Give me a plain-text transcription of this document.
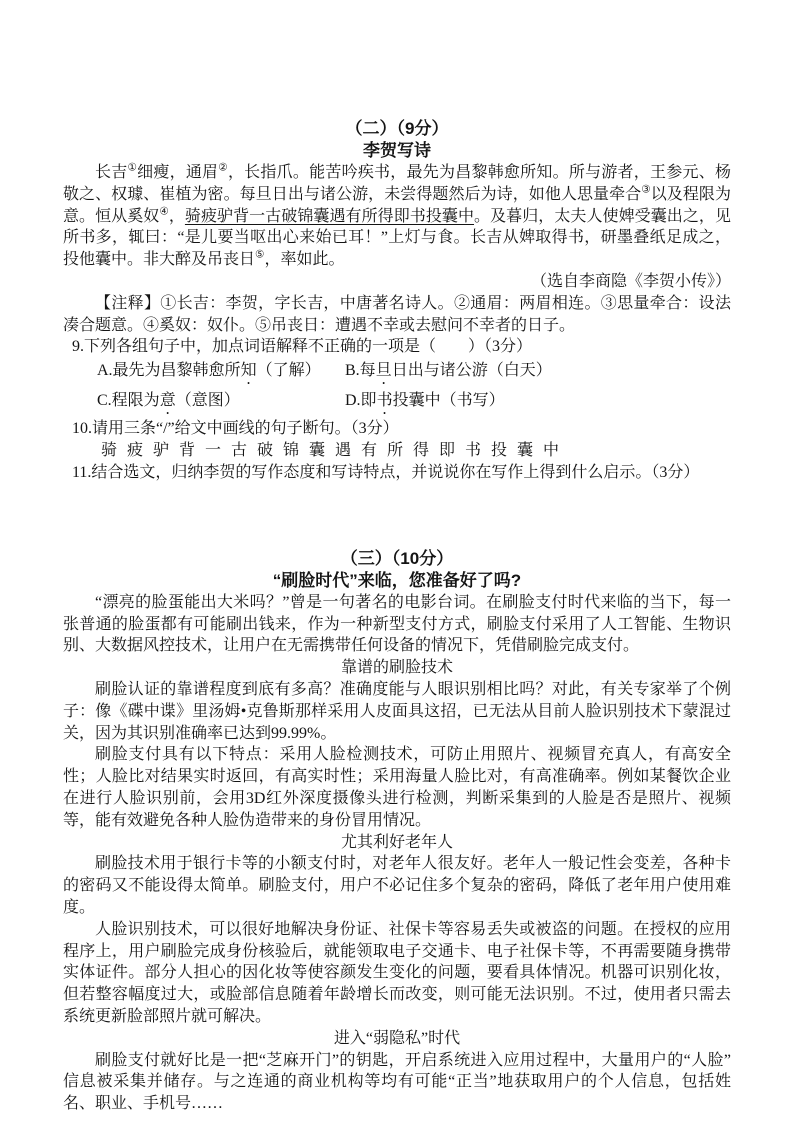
（二）（9分）
李贺写诗
长吉①细瘦，通眉②，长指爪。能苦吟疾书，最先为昌黎韩愈所知。所与游者，王参元、杨敬之、权璩、崔植为密。每旦日出与诸公游，未尝得题然后为诗，如他人思量牵合③以及程限为意。恒从奚奴④，骑疲驴背一古破锦囊遇有所得即书投囊中。及暮归，太夫人使婢受囊出之，见所书多，辄曰：“是儿要当呕出心来始已耳！”上灯与食。长吉从婢取得书，研墨叠纸足成之，投他囊中。非大醉及吊丧日⑤，率如此。
（选自李商隐《李贺小传》）
【注释】①长吉：李贺，字长吉，中唐著名诗人。②通眉：两眉相连。③思量牵合：设法凑合题意。④奚奴：奴仆。⑤吊丧日：遭遇不幸或去慰问不幸者的日子。
9.下列各组句子中，加点词语解释不正确的一项是（　　）（3分）
A.最先为昌黎韩愈所知（了解）	B.每旦日出与诸公游（白天）
C.程限为意（意图）	D.即书投囊中（书写）
10.请用三条“/”给文中画线的句子断句。（3分）
骑 疲 驴 背 一 古 破 锦 囊 遇 有 所 得 即 书 投 囊 中
11.结合选文，归纳李贺的写作态度和写诗特点，并说说你在写作上得到什么启示。（3分）
（三）（10分）
“刷脸时代”来临，您准备好了吗?
“漂亮的脸蛋能出大米吗？”曾是一句著名的电影台词。在刷脸支付时代来临的当下，每一张普通的脸蛋都有可能刷出钱来，作为一种新型支付方式，刷脸支付采用了人工智能、生物识别、大数据风控技术，让用户在无需携带任何设备的情况下，凭借刷脸完成支付。
靠谱的刷脸技术
刷脸认证的靠谱程度到底有多高？准确度能与人眼识别相比吗？对此，有关专家举了个例子：像《碟中谍》里汤姆•克鲁斯那样采用人皮面具这招，已无法从目前人脸识别技术下蒙混过关，因为其识别准确率已达到99.99%。
刷脸支付具有以下特点：采用人脸检测技术，可防止用照片、视频冒充真人，有高安全性；人脸比对结果实时返回，有高实时性；采用海量人脸比对，有高准确率。例如某餐饮企业在进行人脸识别前，会用3D红外深度摄像头进行检测，判断采集到的人脸是否是照片、视频等，能有效避免各种人脸伪造带来的身份冒用情况。
尤其利好老年人
刷脸技术用于银行卡等的小额支付时，对老年人很友好。老年人一般记性会变差，各种卡的密码又不能设得太简单。刷脸支付，用户不必记住多个复杂的密码，降低了老年用户使用难度。
人脸识别技术，可以很好地解决身份证、社保卡等容易丢失或被盗的问题。在授权的应用程序上，用户刷脸完成身份核验后，就能领取电子交通卡、电子社保卡等，不再需要随身携带实体证件。部分人担心的因化妆等使容颜发生变化的问题，要看具体情况。机器可识别化妆，但若整容幅度过大，或脸部信息随着年龄增长而改变，则可能无法识别。不过，使用者只需去系统更新脸部照片就可解决。
进入“弱隐私”时代
刷脸支付就好比是一把“芝麻开门”的钥匙，开启系统进入应用过程中，大量用户的“人脸”信息被采集并储存。与之连通的商业机构等均有可能“正当”地获取用户的个人信息，包括姓名、职业、手机号……
